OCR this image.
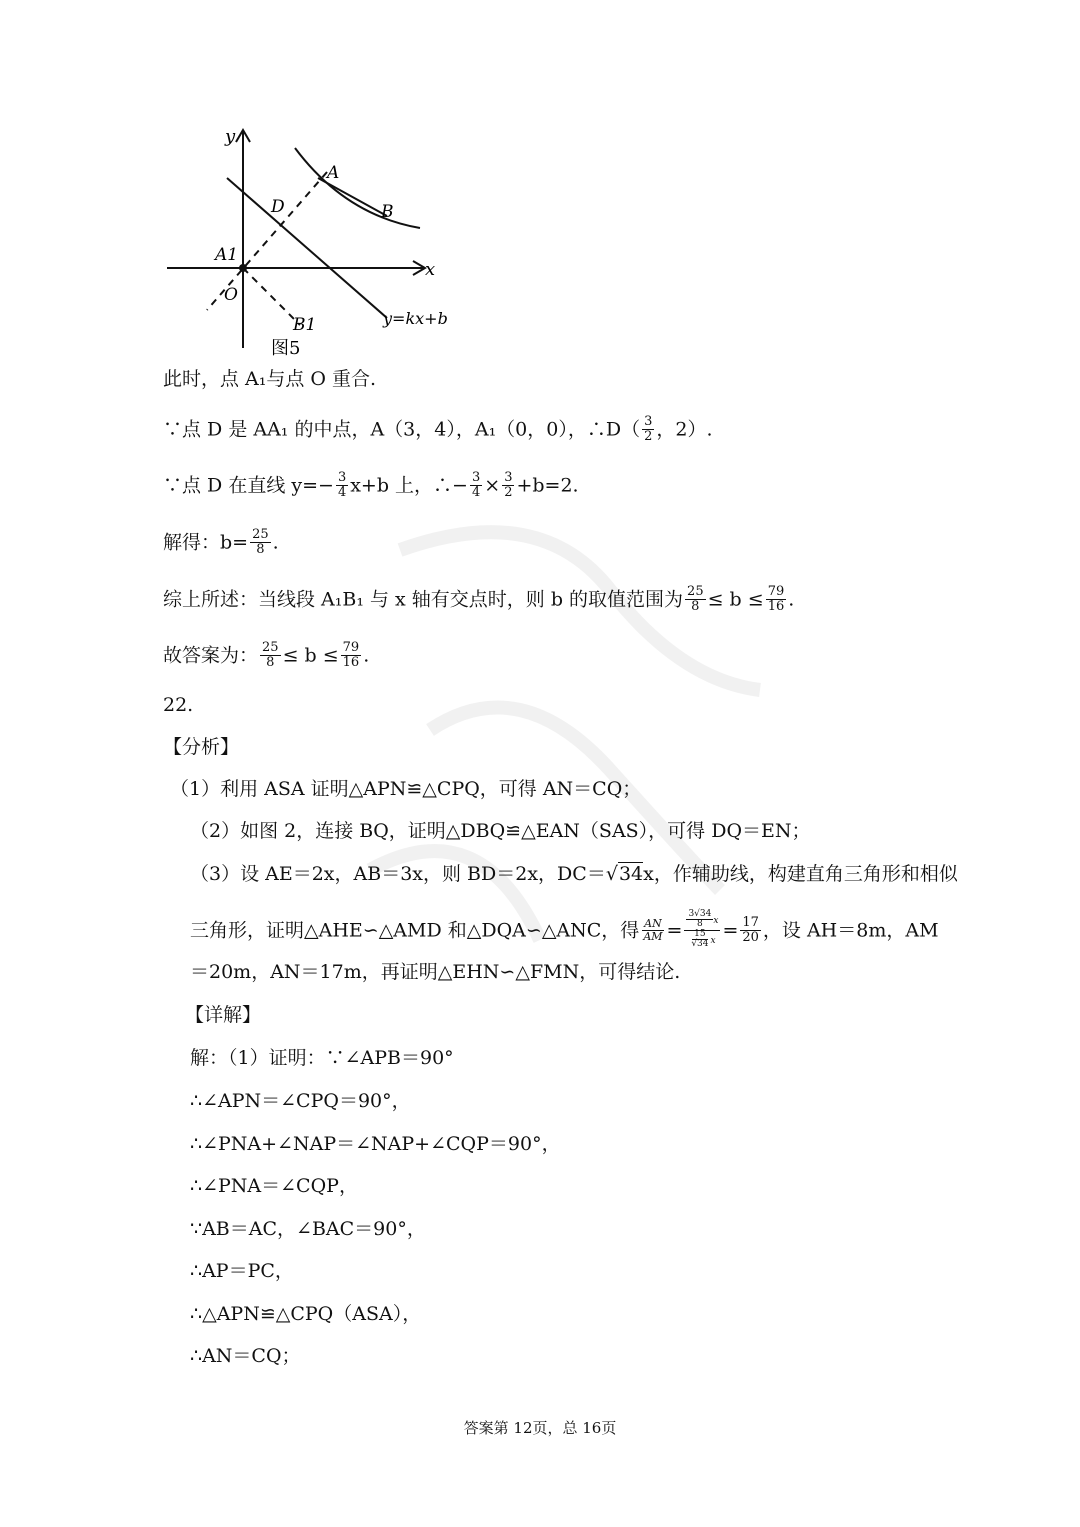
y
x
A
B
D
A1
O
B1	y=kx+b
图5
此时，点 A₁与点 O 重合.
∵点 D 是 AA₁ 的中点，A（3，4），A₁（0，0），∴D（ $\frac{3}{2}$ ，2）.
∵点 D 在直线 $y=- \frac{3}{4} x+b$ 上，∴− $\frac{3}{4} \times \frac{3}{2} +b=2$.
解得：$b= \frac{25}{8}$ .
综上所述：当线段 A₁B₁ 与 x 轴有交点时，则 b 的取值范围为 $\frac{25}{8} \le b \le \frac{79}{16}$ .
故答案为： $\frac{25}{8} \le b \le \frac{79}{16}$ .
22.
【分析】
（1）利用 ASA 证明△APN≌△CPQ，可得 AN＝CQ；
（2）如图 2，连接 BQ，证明△DBQ≌△EAN（SAS），可得 DQ＝EN；
（3）设 AE＝2x，AB＝3x，则 BD＝2x，DC＝√34x，作辅助线，构建直角三角形和相似
三角形，证明△AHE∽△AMD 和△DQA∽△ANC，得 $\frac{AN}{AM} = \frac{\frac{3√34}{8} x}{\frac{15}{√34} x} = \frac{17}{20}$ ，设 AH＝8m，AM
＝20m，AN＝17m，再证明△EHN∽△FMN，可得结论.
【详解】
解：（1）证明：∵∠APB＝90°
∴∠APN＝∠CPQ＝90°，
∴∠PNA+∠NAP＝∠NAP+∠CQP＝90°，
∴∠PNA＝∠CQP，
∵AB＝AC，∠BAC＝90°，
∴AP＝PC，
∴△APN≌△CPQ（ASA），
∴AN＝CQ；
答案第 12页，总 16页
